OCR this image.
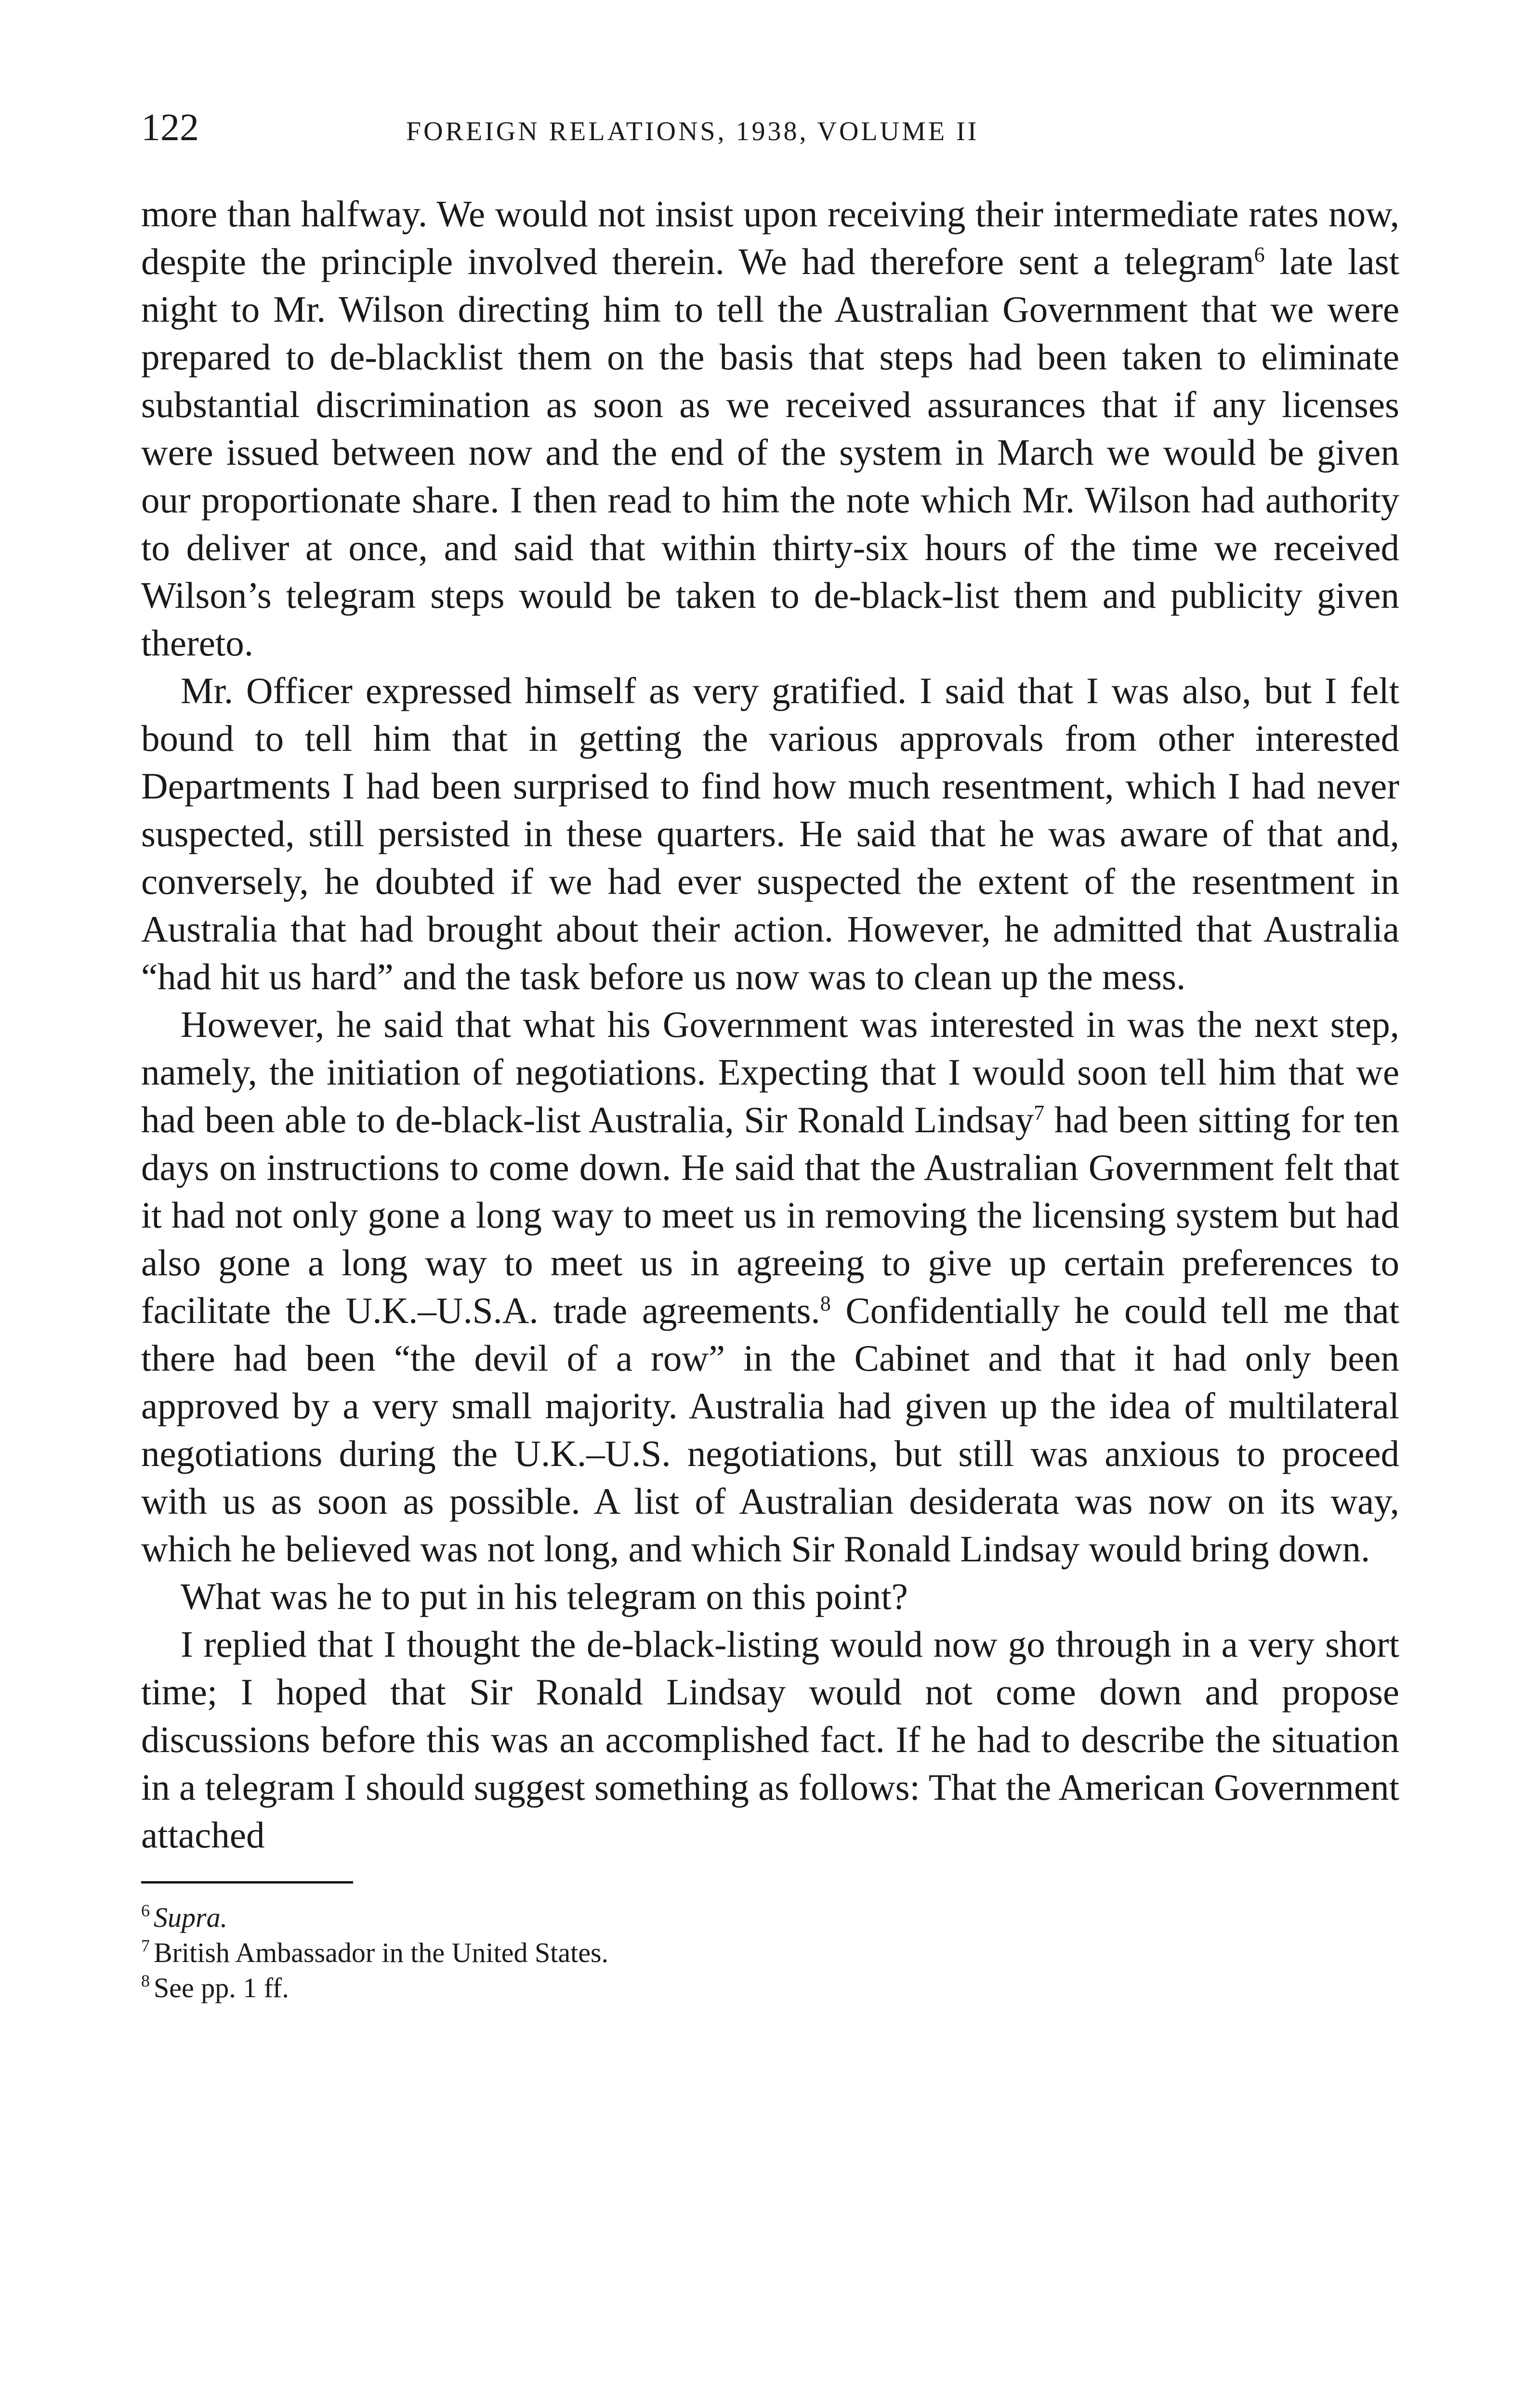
122	FOREIGN RELATIONS, 1938, VOLUME II

more than halfway. We would not insist upon receiving their intermediate rates now, despite the principle involved therein. We had therefore sent a telegram$^6$ late last night to Mr. Wilson directing him to tell the Australian Government that we were prepared to de-blacklist them on the basis that steps had been taken to eliminate substantial discrimination as soon as we received assurances that if any licenses were issued between now and the end of the system in March we would be given our proportionate share. I then read to him the note which Mr. Wilson had authority to deliver at once, and said that within thirty-six hours of the time we received Wilson’s telegram steps would be taken to de-black-list them and publicity given thereto.

Mr. Officer expressed himself as very gratified. I said that I was also, but I felt bound to tell him that in getting the various approvals from other interested Departments I had been surprised to find how much resentment, which I had never suspected, still persisted in these quarters. He said that he was aware of that and, conversely, he doubted if we had ever suspected the extent of the resentment in Australia that had brought about their action. However, he admitted that Australia “had hit us hard” and the task before us now was to clean up the mess.

However, he said that what his Government was interested in was the next step, namely, the initiation of negotiations. Expecting that I would soon tell him that we had been able to de-black-list Australia, Sir Ronald Lindsay$^7$ had been sitting for ten days on instructions to come down. He said that the Australian Government felt that it had not only gone a long way to meet us in removing the licensing system but had also gone a long way to meet us in agreeing to give up certain preferences to facilitate the U.K.–U.S.A. trade agreements.$^8$ Confidentially he could tell me that there had been “the devil of a row” in the Cabinet and that it had only been approved by a very small majority. Australia had given up the idea of multilateral negotiations during the U.K.–U.S. negotiations, but still was anxious to proceed with us as soon as possible. A list of Australian desiderata was now on its way, which he believed was not long, and which Sir Ronald Lindsay would bring down.

What was he to put in his telegram on this point?

I replied that I thought the de-black-listing would now go through in a very short time; I hoped that Sir Ronald Lindsay would not come down and propose discussions before this was an accomplished fact. If he had to describe the situation in a telegram I should suggest something as follows: That the American Government attached

$^6$ Supra.
$^7$ British Ambassador in the United States.
$^8$ See pp. 1 ff.
